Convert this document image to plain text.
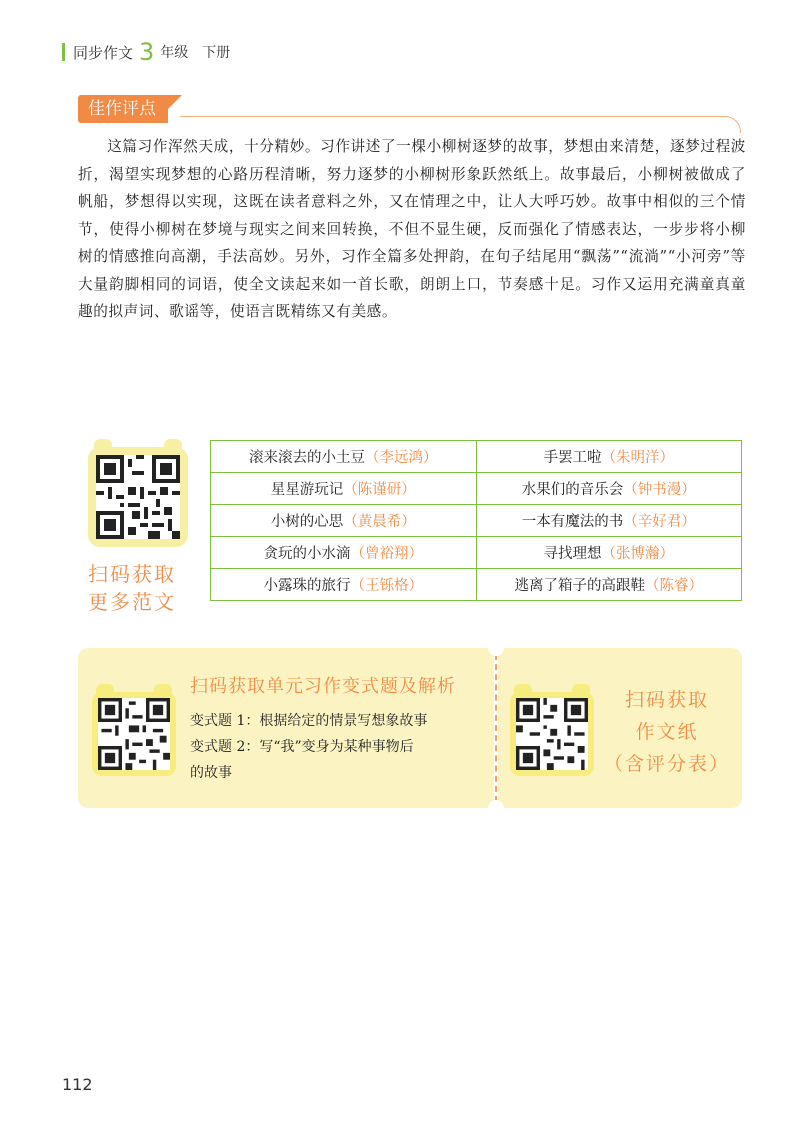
同步作文 3 年级 下册
佳作评点

这篇习作浑然天成，十分精妙。习作讲述了一棵小柳树逐梦的故事，梦想由来清楚，逐梦过程波折，渴望实现梦想的心路历程清晰，努力逐梦的小柳树形象跃然纸上。故事最后，小柳树被做成了帆船，梦想得以实现，这既在读者意料之外，又在情理之中，让人大呼巧妙。故事中相似的三个情节，使得小柳树在梦境与现实之间来回转换，不但不显生硬，反而强化了情感表达，一步步将小柳树的情感推向高潮，手法高妙。另外，习作全篇多处押韵，在句子结尾用“飘荡”“流淌”“小河旁”等大量韵脚相同的词语，使全文读起来如一首长歌，朗朗上口，节奏感十足。习作又运用充满童真童趣的拟声词、歌谣等，使语言既精练又有美感。

扫码获取
更多范文
滚来滚去的小土豆（李远鸿）	手罢工啦（朱明洋）
星星游玩记（陈谨研）	水果们的音乐会（钟书漫）
小树的心思（黄晨希）	一本有魔法的书（辛好君）
贪玩的小水滴（曾裕翔）	寻找理想（张博瀚）
小露珠的旅行（王铄格）	逃离了箱子的高跟鞋（陈睿）
扫码获取单元习作变式题及解析
变式题 1：根据给定的情景写想象故事
变式题 2：写“我”变身为某种事物后
的故事
扫码获取
作文纸
（含评分表）
112
